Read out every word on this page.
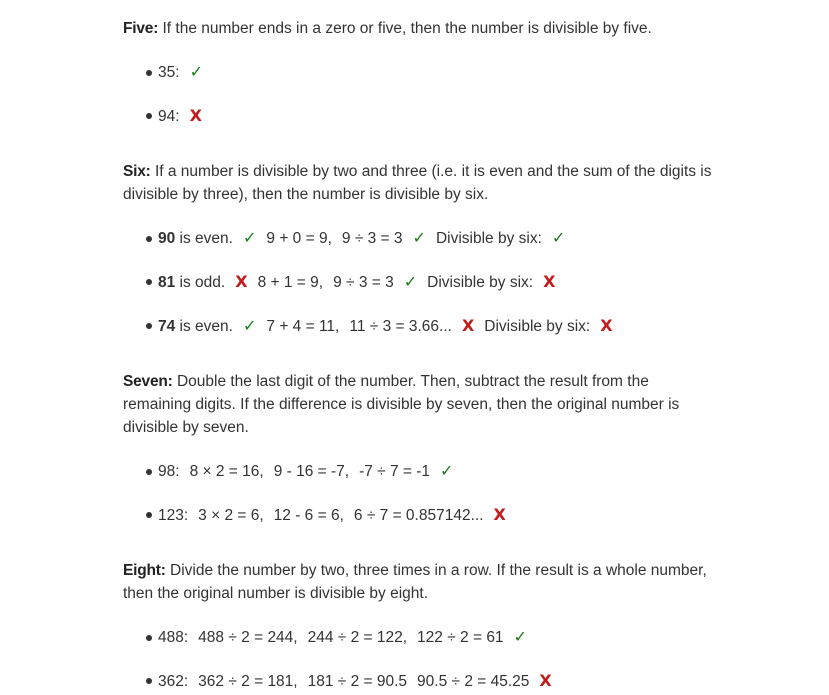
Five: If the number ends in a zero or five, then the number is divisible by five.

35: ✓
94: X

Six: If a number is divisible by two and three (i.e. it is even and the sum of the digits is divisible by three), then the number is divisible by six.

90 is even. ✓ 9 + 0 = 9, 9 ÷ 3 = 3 ✓ Divisible by six: ✓
81 is odd. X 8 + 1 = 9, 9 ÷ 3 = 3 ✓ Divisible by six: X
74 is even. ✓ 7 + 4 = 11, 11 ÷ 3 = 3.66... X Divisible by six: X

Seven: Double the last digit of the number. Then, subtract the result from the remaining digits. If the difference is divisible by seven, then the original number is divisible by seven.

98: 8 × 2 = 16, 9 - 16 = -7, -7 ÷ 7 = -1 ✓
123: 3 × 2 = 6, 12 - 6 = 6, 6 ÷ 7 = 0.857142... X

Eight: Divide the number by two, three times in a row. If the result is a whole number, then the original number is divisible by eight.

488: 488 ÷ 2 = 244, 244 ÷ 2 = 122, 122 ÷ 2 = 61 ✓
362: 362 ÷ 2 = 181, 181 ÷ 2 = 90.5 90.5 ÷ 2 = 45.25 X
